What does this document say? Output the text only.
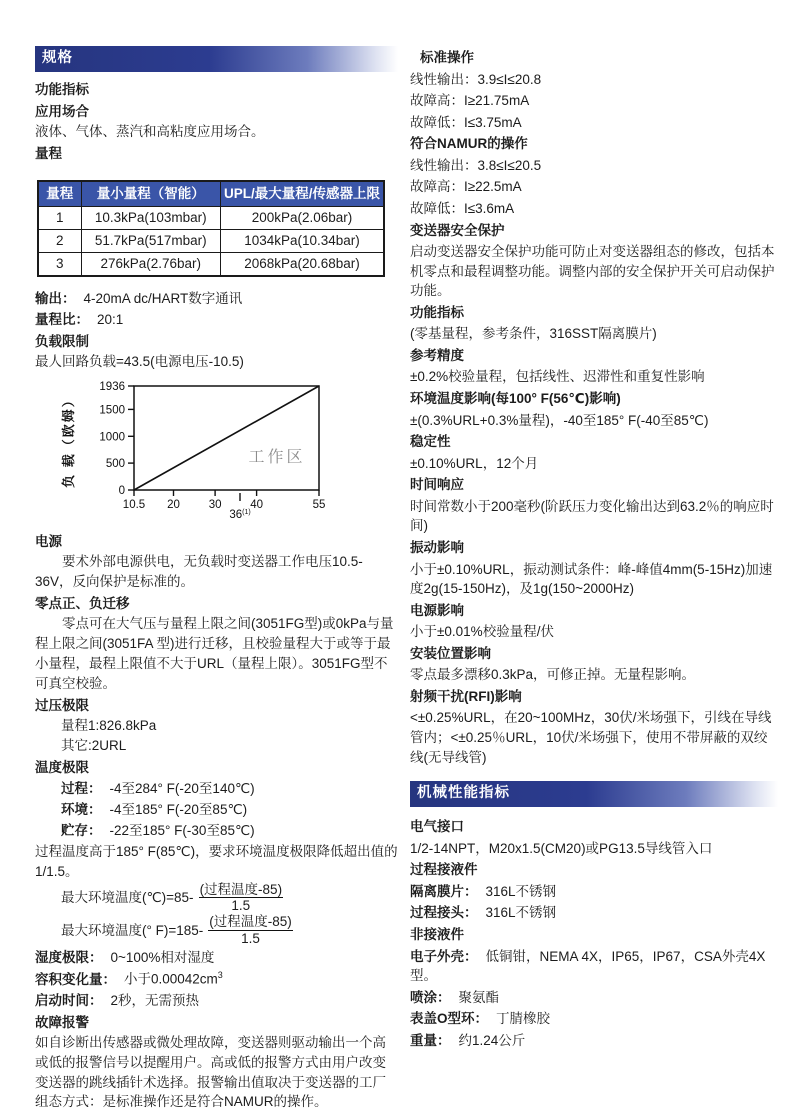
规格
功能指标
应用场合

液体、气体、蒸汽和高粘度应用场合。

量程
量程	量小量程（智能）	UPL/最大量程/传感器上限
1	10.3kPa(103mbar)	200kPa(2.06bar)
2	51.7kPa(517mbar)	1034kPa(10.34bar)
3	276kPa(2.76bar)	2068kPa(20.68bar)
输出： 4-20mA dc/HART数字通讯
量程比： 20:1
负载限制
最人回路负载=43.5(电源电压-10.5)
1936
1500
1000
500
0
10.5 20	30 40	55
36$^{(1)}$
工作区
负 载（欧姆）
电源

要术外部电源供电，无负载时变送器工作电压10.5-36V，反向保护是标准的。

零点正、负迁移

零点可在大气压与量程上限之间(3051FG型)或0kPa与量程上限之间(3051FA 型)进行迁移，且校验量程大于或等于最小量程，最程上限值不大于URL（量程上限）。3051FG型不可真空校验。

过压极限
量程1:826.8kPa
其它:2URL
温度极限
过程： -4至284° F(-20至140℃)
环境： -4至185° F(-20至85℃)
贮存： -22至185° F(-30至85℃)

过程温度高于185° F(85℃)，要求环境温度极限降低超出值的1/1.5。

最大环境温度(℃)=85- $\frac{\text{(过程温度-85)}}{1.5}$
最大环境温度(° $F)=185- \frac{\text{(过程温度-85)}}{1.5}$
湿度极限： 0~100%相对湿度
容积变化量： 小于$0.00042cm^3$
启动时间： 2秒，无需预热
故障报警

如自诊断出传感器或微处理故障，变送器则驱动输出一个高或低的报警信号以提醒用户。高或低的报警方式由用户改变变送器的跳线插针术选择。报警输出值取决于变送器的工厂组态方式：是标准操作还是符合NAMUR的操作。

标准操作
线性输出：3.9≤I≤20.8
故障高：I≥21.75mA
故障低：I≤3.75mA
符合NAMUR的操作
线性输出：3.8≤I≤20.5
故障高：I≥22.5mA
故障低：I≤3.6mA
变送器安全保护

启动变送器安全保护功能可防止对变送器组态的修改，包括本机零点和最程调整功能。调整内部的安全保护开关可启动保护功能。

功能指标
(零基量程，参考条件，316SST隔离膜片)
参考精度
±0.2%校验量程，包括线性、迟滞性和重复性影响
环境温度影响(每100° F(56℃)影响)
±(0.3%URL+0.3%量程)，-40至185° F(-40至85℃)
稳定性
±0.10%URL，12个月
时间响应

时间常数小于200毫秒(阶跃压力变化输出达到63.2％的响应时间)

振动影响

小于±0.10%URL，振动测试条件：峰-峰值4mm(5-15Hz)加速度2g(15-150Hz)，及1g(150~2000Hz)

电源影响
小于±0.01%校验量程/伏
安装位置影响
零点最多漂移0.3kPa，可修正掉。无量程影响。
射频干扰(RFI)影响

<±0.25%URL，在20~100MHz，30伏/米场强下，引线在导线管内；<±0.25％URL，10伏/米场强下，使用不带屏蔽的双绞线(无导线管)

机械性能指标
电气接口

1/2-14NPT，M20x1.5(CM20)或PG13.5导线管入口

过程接液件
隔离膜片： 316L不锈钢
过程接头： 316L不锈钢
非接液件
电子外壳： 低铜钳，NEMA 4X，IP65，IP67，CSA外壳4X型。
喷涂： 聚氨酯
表盖O型环： 丁腈橡胶
重量： 约1.24公斤
